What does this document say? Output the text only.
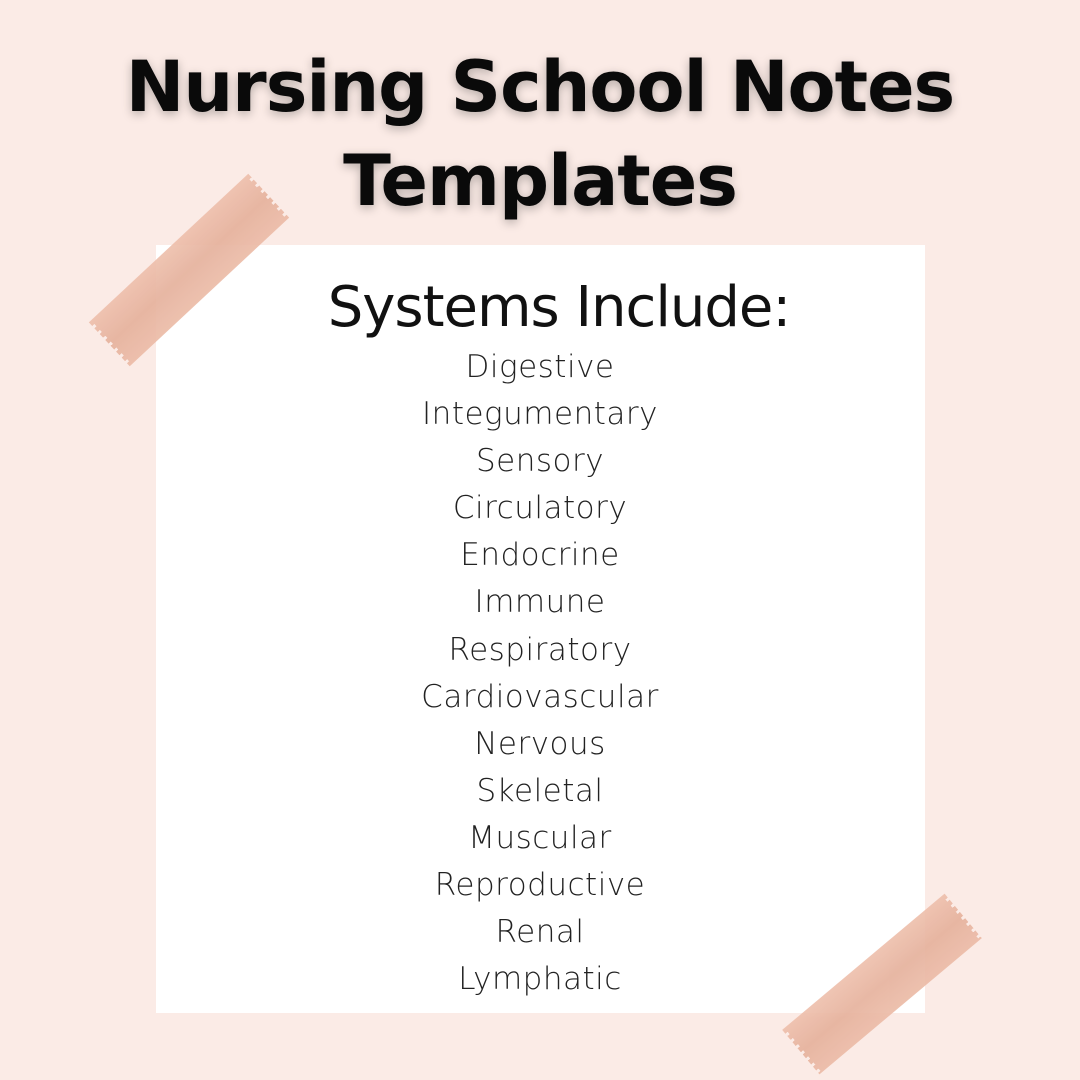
Nursing School Notes
Templates
Systems Include:
Digestive
Integumentary
Sensory
Circulatory
Endocrine
Immune
Respiratory
Cardiovascular
Nervous
Skeletal
Muscular
Reproductive
Renal
Lymphatic
